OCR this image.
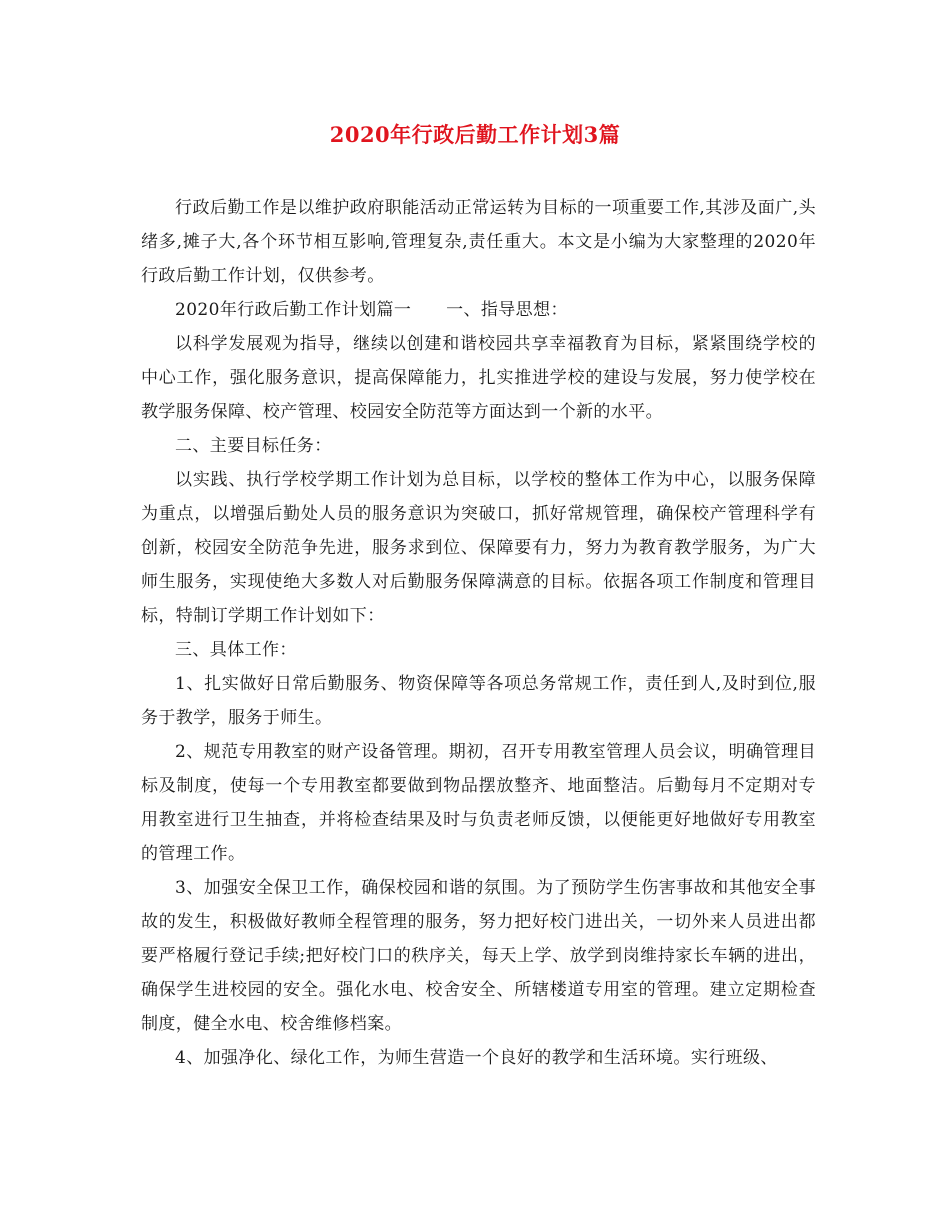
2020年行政后勤工作计划3篇

行政后勤工作是以维护政府职能活动正常运转为目标的一项重要工作,其涉及面广,头绪多,摊子大,各个环节相互影响,管理复杂,责任重大。本文是小编为大家整理的2020年行政后勤工作计划，仅供参考。

2020年行政后勤工作计划篇一　　一、指导思想：

以科学发展观为指导，继续以创建和谐校园共享幸福教育为目标，紧紧围绕学校的中心工作，强化服务意识，提高保障能力，扎实推进学校的建设与发展，努力使学校在教学服务保障、校产管理、校园安全防范等方面达到一个新的水平。

二、主要目标任务：

以实践、执行学校学期工作计划为总目标，以学校的整体工作为中心，以服务保障为重点，以增强后勤处人员的服务意识为突破口，抓好常规管理，确保校产管理科学有创新，校园安全防范争先进，服务求到位、保障要有力，努力为教育教学服务，为广大师生服务，实现使绝大多数人对后勤服务保障满意的目标。依据各项工作制度和管理目标，特制订学期工作计划如下：

三、具体工作：

1、扎实做好日常后勤服务、物资保障等各项总务常规工作，责任到人,及时到位,服务于教学，服务于师生。

2、规范专用教室的财产设备管理。期初，召开专用教室管理人员会议，明确管理目标及制度，使每一个专用教室都要做到物品摆放整齐、地面整洁。后勤每月不定期对专用教室进行卫生抽查，并将检查结果及时与负责老师反馈，以便能更好地做好专用教室的管理工作。

3、加强安全保卫工作，确保校园和谐的氛围。为了预防学生伤害事故和其他安全事故的发生，积极做好教师全程管理的服务，努力把好校门进出关，一切外来人员进出都要严格履行登记手续;把好校门口的秩序关，每天上学、放学到岗维持家长车辆的进出，确保学生进校园的安全。强化水电、校舍安全、所辖楼道专用室的管理。建立定期检查制度，健全水电、校舍维修档案。

4、加强净化、绿化工作，为师生营造一个良好的教学和生活环境。实行班级、
